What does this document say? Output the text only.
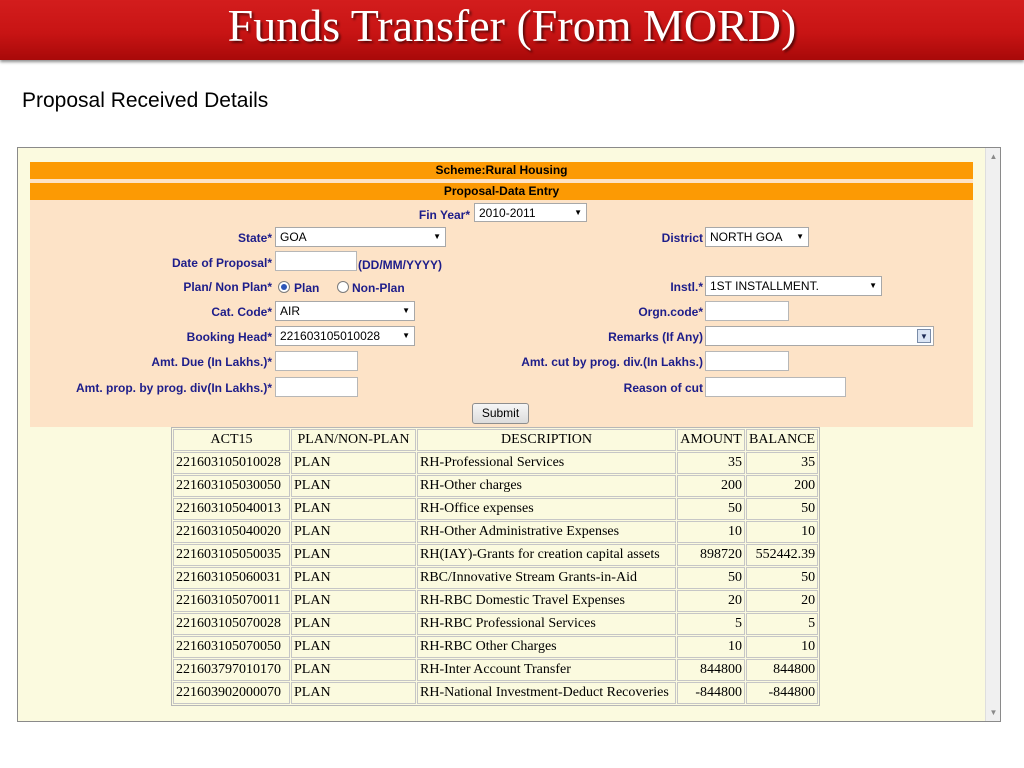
Funds Transfer (From MORD)
Proposal Received Details
▲
▼
Scheme:Rural Housing
Proposal-Data Entry
Fin Year* 2010-2011	▼
State* GOA	▼	District NORTH GOA ▼
Date of Proposal*	(DD/MM/YYYY)
Plan/ Non Plan* Plan	Non-Plan	Instl.* 1ST INSTALLMENT.	▼
Cat. Code* AIR	▼	Orgn.code*
Booking Head* 221603105010028	▼	Remarks (If Any)	▼
Amt. Due (In Lakhs.)*	Amt. cut by prog. div.(In Lakhs.)
Amt. prop. by prog. div(In Lakhs.)*	Reason of cut
Submit
ACT15	PLAN/NON-PLAN	DESCRIPTION	AMOUNT	BALANCE
221603105010028	PLAN	RH-Professional Services	35	35
221603105030050	PLAN	RH-Other charges	200	200
221603105040013	PLAN	RH-Office expenses	50	50
221603105040020	PLAN	RH-Other Administrative Expenses	10	10
221603105050035	PLAN	RH(IAY)-Grants for creation capital assets	898720	552442.39
221603105060031	PLAN	RBC/Innovative Stream Grants-in-Aid	50	50
221603105070011	PLAN	RH-RBC Domestic Travel Expenses	20	20
221603105070028	PLAN	RH-RBC Professional Services	5	5
221603105070050	PLAN	RH-RBC Other Charges	10	10
221603797010170	PLAN	RH-Inter Account Transfer	844800	844800
221603902000070	PLAN	RH-National Investment-Deduct Recoveries	-844800	-844800
